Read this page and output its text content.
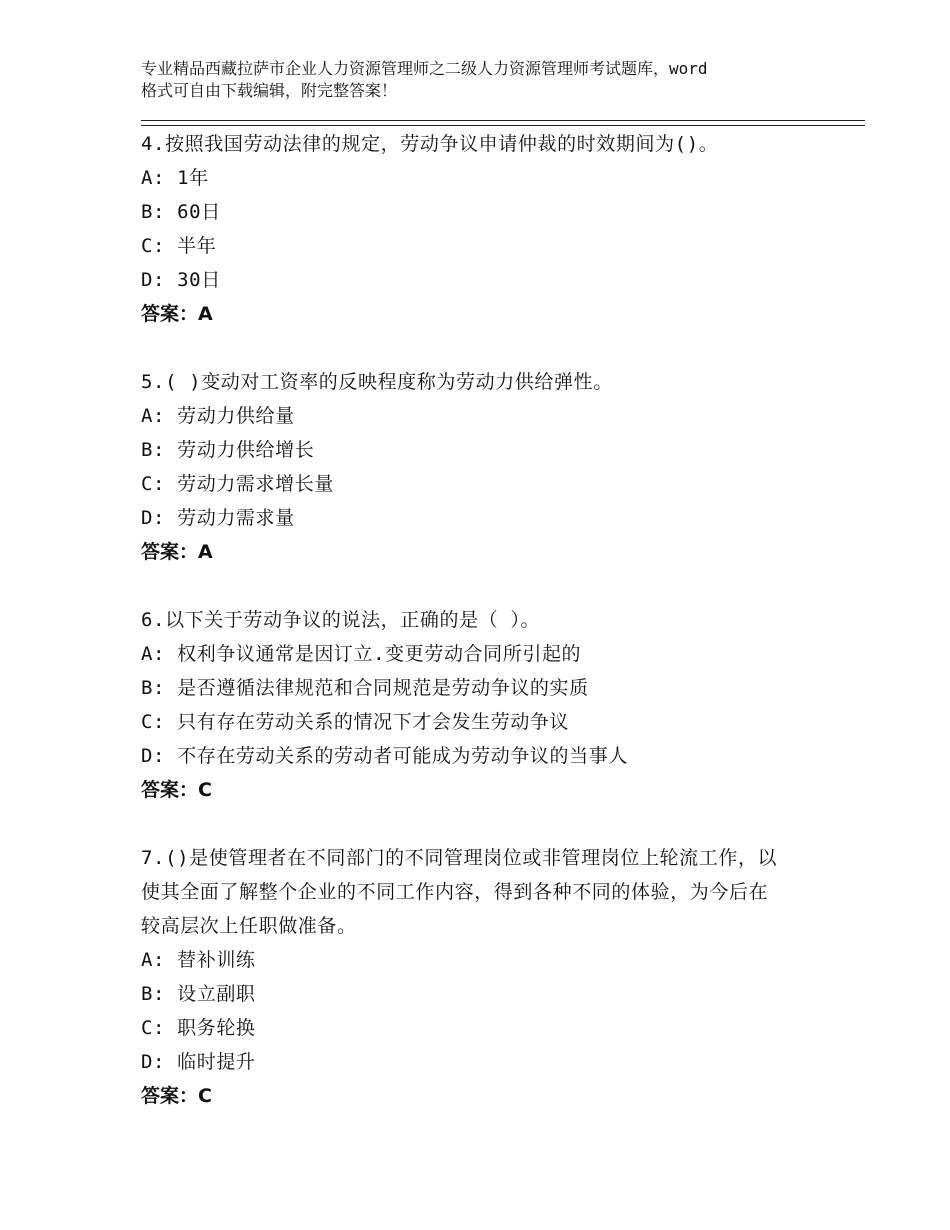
专业精品西藏拉萨市企业人力资源管理师之二级人力资源管理师考试题库，word
格式可自由下载编辑，附完整答案！
4.按照我国劳动法律的规定，劳动争议申请仲裁的时效期间为()。
A: 1年
B: 60日
C: 半年
D: 30日
答案：A
5.( )变动对工资率的反映程度称为劳动力供给弹性。
A: 劳动力供给量
B: 劳动力供给增长
C: 劳动力需求增长量
D: 劳动力需求量
答案：A
6.以下关于劳动争议的说法，正确的是（ ）。
A: 权利争议通常是因订立.变更劳动合同所引起的
B: 是否遵循法律规范和合同规范是劳动争议的实质
C: 只有存在劳动关系的情况下才会发生劳动争议
D: 不存在劳动关系的劳动者可能成为劳动争议的当事人
答案：C
7.()是使管理者在不同部门的不同管理岗位或非管理岗位上轮流工作，以使其全面了解整个企业的不同工作内容，得到各种不同的体验，为今后在较高层次上任职做准备。
A: 替补训练
B: 设立副职
C: 职务轮换
D: 临时提升
答案：C
